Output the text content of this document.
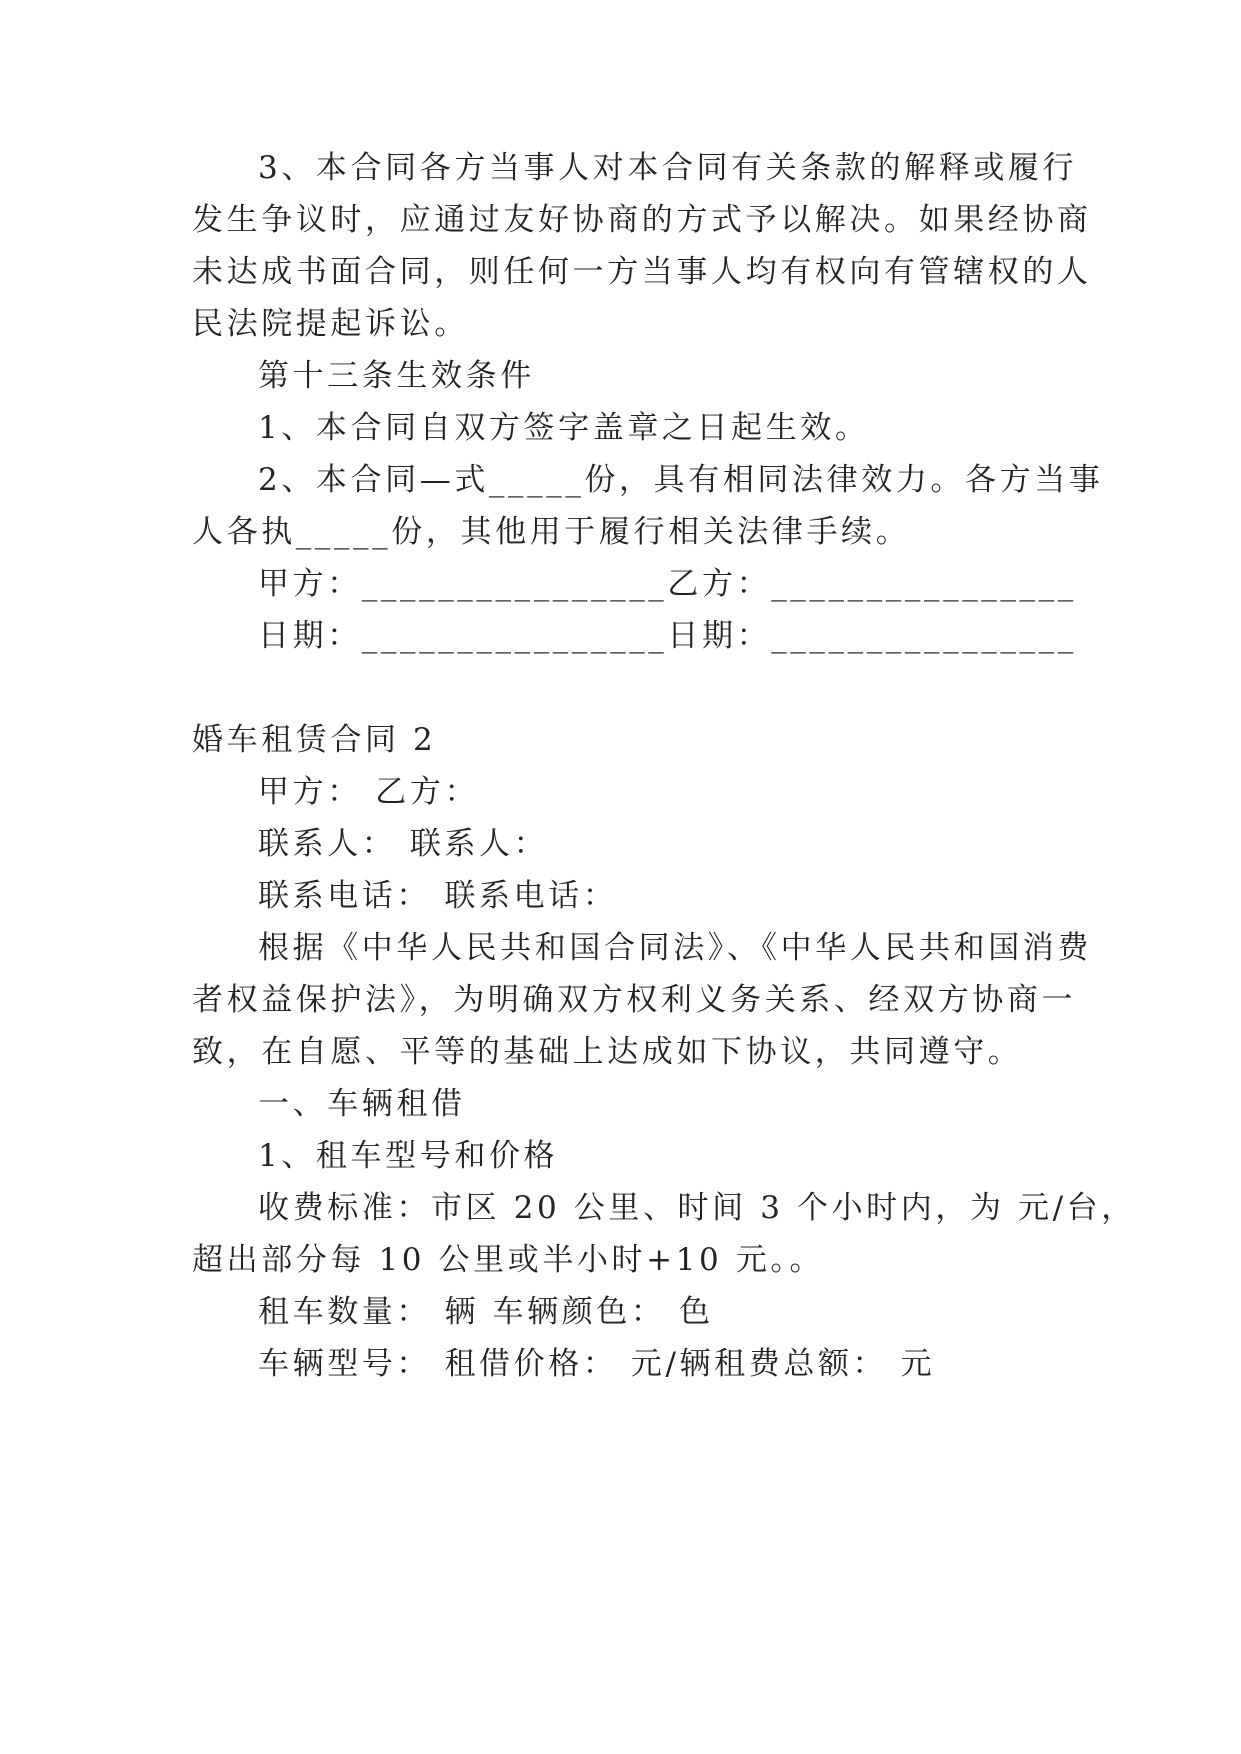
3、本合同各方当事人对本合同有关条款的解释或履行
发生争议时，应通过友好协商的方式予以解决。如果经协商
未达成书面合同，则任何一方当事人均有权向有管辖权的人
民法院提起诉讼。
第十三条生效条件
1、本合同自双方签字盖章之日起生效。
2、本合同—式_____份，具有相同法律效力。各方当事
人各执_____份，其他用于履行相关法律手续。
甲方：________________乙方：________________
日期：________________日期：________________
婚车租赁合同 2
甲方： 乙方：
联系人： 联系人：
联系电话： 联系电话：
根据《中华人民共和国合同法》、《中华人民共和国消费
者权益保护法》，为明确双方权利义务关系、经双方协商一
致，在自愿、平等的基础上达成如下协议，共同遵守。
一、车辆租借
1、租车型号和价格
收费标准：市区 20 公里、时间 3 个小时内，为 元/台，
超出部分每 10 公里或半小时+10 元。。
租车数量： 辆 车辆颜色： 色
车辆型号： 租借价格： 元/辆租费总额： 元
